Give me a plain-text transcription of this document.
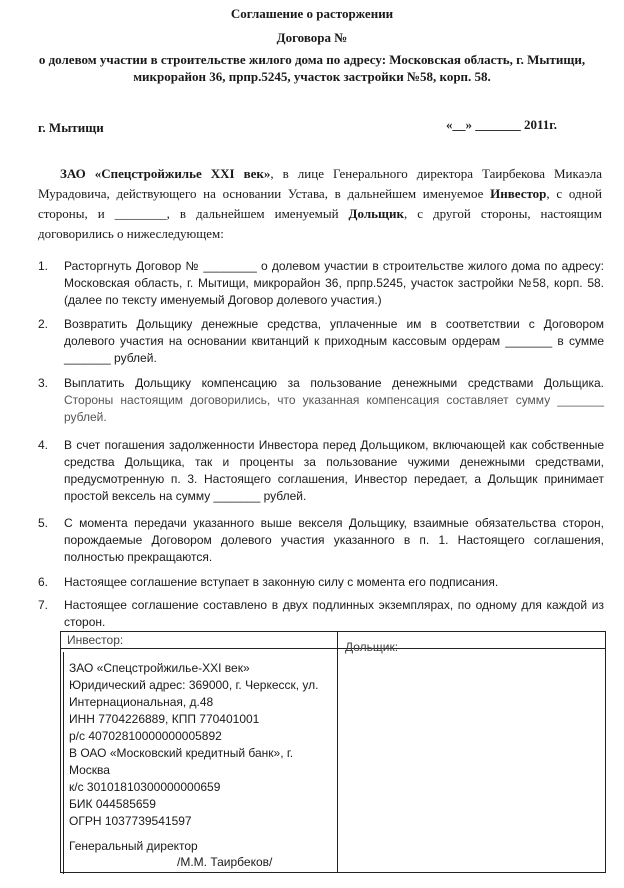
Соглашение о расторжении
Договора №
о долевом участии в строительстве жилого дома по адресу: Московская область, г. Мытищи,
микрорайон 36, прпр.5245, участок застройки №58, корп. 58.
г. Мытищи	«__» _______ 2011г.
ЗАО «Спецстройжилье XXI век», в лице Генерального директора Таирбекова Микаэла Мурадовича, действующего на основании Устава, в дальнейшем именуемое Инвестор, с одной стороны, и ________, в дальнейшем именуемый Дольщик, с другой стороны, настоящим договорились о нижеследующем:
1. Расторгнуть Договор № ________ о долевом участии в строительстве жилого дома по адресу: Московская область, г. Мытищи, микрорайон 36, прпр.5245, участок застройки №58, корп. 58. (далее по тексту именуемый Договор долевого участия.)
2. Возвратить Дольщику денежные средства, уплаченные им в соответствии с Договором долевого участия на основании квитанций к приходным кассовым ордерам _______ в сумме _______ рублей.
3. Выплатить Дольщику компенсацию за пользование денежными средствами Дольщика. Стороны настоящим договорились, что указанная компенсация составляет сумму _______ рублей.
4. В счет погашения задолженности Инвестора перед Дольщиком, включающей как собственные средства Дольщика, так и проценты за пользование чужими денежными средствами, предусмотренную п. 3. Настоящего соглашения, Инвестор передает, а Дольщик принимает простой вексель на сумму _______ рублей.
5. С момента передачи указанного выше векселя Дольщику, взаимные обязательства сторон, порождаемые Договором долевого участия указанного в п. 1. Настоящего соглашения, полностью прекращаются.
6. Настоящее соглашение вступает в законную силу с момента его подписания.
7. Настоящее соглашение составлено в двух подлинных экземплярах, по одному для каждой из сторон.
Инвестор:	Дольщик:
ЗАО «Спецстройжилье-XXI век»
Юридический адрес: 369000, г. Черкесск, ул.
Интернациональная, д.48
ИНН 7704226889, КПП 770401001
р/с 40702810000000005892
В ОАО «Московский кредитный банк», г.
Москва
к/с 30101810300000000659
БИК 044585659
ОГРН 1037739541597
Генеральный директор
/М.М. Таирбеков/
